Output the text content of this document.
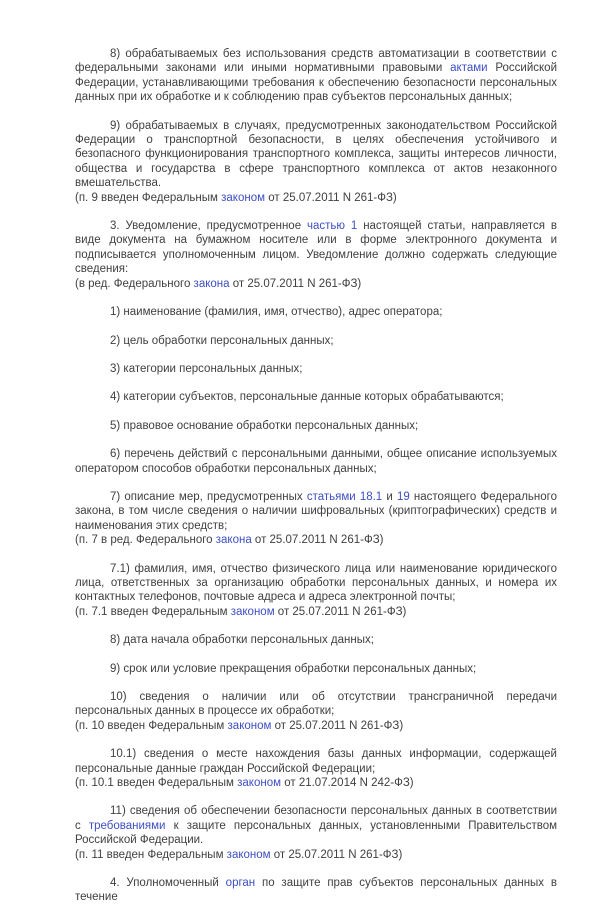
8) обрабатываемых без использования средств автоматизации в соответствии с федеральными законами или иными нормативными правовыми актами Российской Федерации, устанавливающими требования к обеспечению безопасности персональных данных при их обработке и к соблюдению прав субъектов персональных данных;

9) обрабатываемых в случаях, предусмотренных законодательством Российской Федерации о транспортной безопасности, в целях обеспечения устойчивого и безопасного функционирования транспортного комплекса, защиты интересов личности, общества и государства в сфере транспортного комплекса от актов незаконного вмешательства.

(п. 9 введен Федеральным законом от 25.07.2011 N 261-ФЗ)

3. Уведомление, предусмотренное частью 1 настоящей статьи, направляется в виде документа на бумажном носителе или в форме электронного документа и подписывается уполномоченным лицом. Уведомление должно содержать следующие сведения:

(в ред. Федерального закона от 25.07.2011 N 261-ФЗ)

1) наименование (фамилия, имя, отчество), адрес оператора;

2) цель обработки персональных данных;

3) категории персональных данных;

4) категории субъектов, персональные данные которых обрабатываются;

5) правовое основание обработки персональных данных;

6) перечень действий с персональными данными, общее описание используемых оператором способов обработки персональных данных;

7) описание мер, предусмотренных статьями 18.1 и 19 настоящего Федерального закона, в том числе сведения о наличии шифровальных (криптографических) средств и наименования этих средств;

(п. 7 в ред. Федерального закона от 25.07.2011 N 261-ФЗ)

7.1) фамилия, имя, отчество физического лица или наименование юридического лица, ответственных за организацию обработки персональных данных, и номера их контактных телефонов, почтовые адреса и адреса электронной почты;

(п. 7.1 введен Федеральным законом от 25.07.2011 N 261-ФЗ)

8) дата начала обработки персональных данных;

9) срок или условие прекращения обработки персональных данных;

10) сведения о наличии или об отсутствии трансграничной передачи персональных данных в процессе их обработки;

(п. 10 введен Федеральным законом от 25.07.2011 N 261-ФЗ)

10.1) сведения о месте нахождения базы данных информации, содержащей персональные данные граждан Российской Федерации;

(п. 10.1 введен Федеральным законом от 21.07.2014 N 242-ФЗ)

11) сведения об обеспечении безопасности персональных данных в соответствии с требованиями к защите персональных данных, установленными Правительством Российской Федерации.

(п. 11 введен Федеральным законом от 25.07.2011 N 261-ФЗ)

4. Уполномоченный орган по защите прав субъектов персональных данных в течение
